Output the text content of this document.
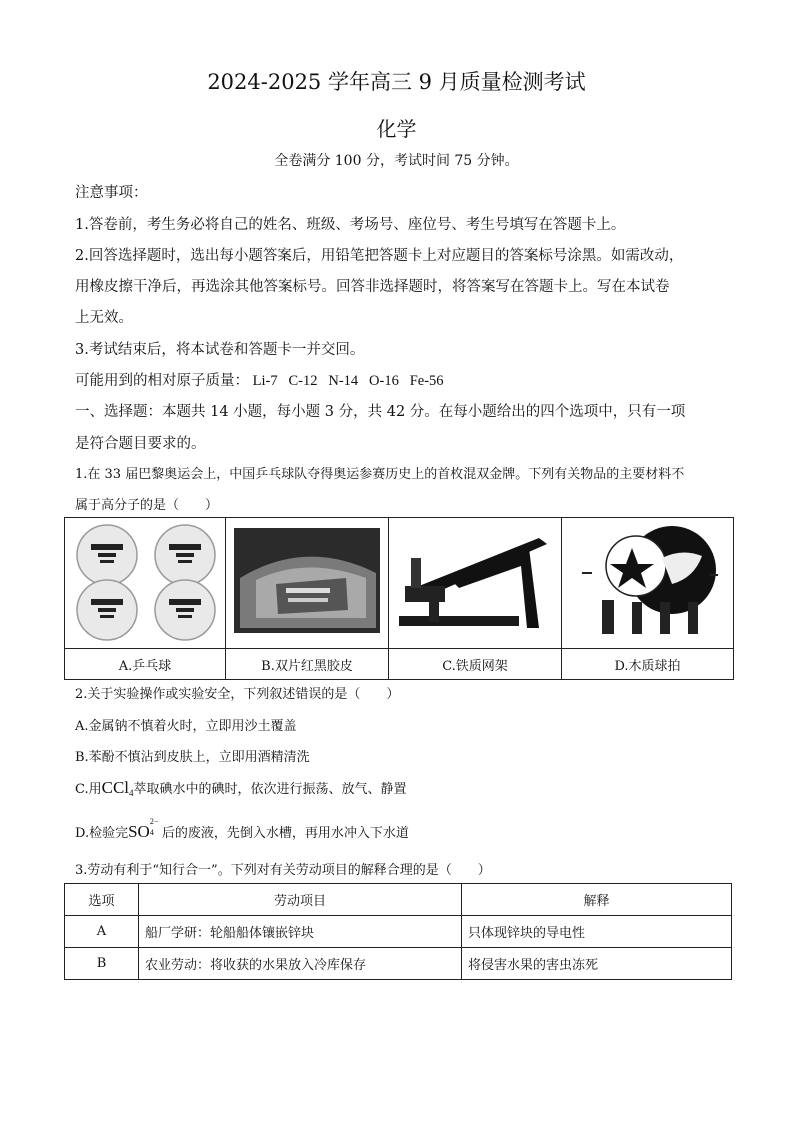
2024-2025 学年高三 9 月质量检测考试
化学
全卷满分 100 分，考试时间 75 分钟。
注意事项：
1.答卷前，考生务必将自己的姓名、班级、考场号、座位号、考生号填写在答题卡上。
2.回答选择题时，选出每小题答案后，用铅笔把答题卡上对应题目的答案标号涂黑。如需改动，
用橡皮擦干净后，再选涂其他答案标号。回答非选择题时，将答案写在答题卡上。写在本试卷
上无效。
3.考试结束后，将本试卷和答题卡一并交回。
可能用到的相对原子质量： Li-7 C-12 N-14 O-16 Fe-56
一、选择题：本题共 14 小题，每小题 3 分，共 42 分。在每小题给出的四个选项中，只有一项
是符合题目要求的。
1.在 33 届巴黎奥运会上，中国乒乓球队夺得奥运参赛历史上的首枚混双金牌。下列有关物品的主要材料不
属于高分子的是（　　）

A.乒乓球	B.双片红黑胶皮	C.铁质网架	D.木质球拍
2.关于实验操作或实验安全，下列叙述错误的是（　　）
A.金属钠不慎着火时，立即用沙土覆盖
B.苯酚不慎沾到皮肤上，立即用酒精清洗
C.用CCl$_4$萃取碘水中的碘时，依次进行振荡、放气、静置
D.检验完SO
2−
4 后的废液，先倒入水槽，再用水冲入下水道
3.劳动有利于“知行合一”。下列对有关劳动项目的解释合理的是（　　）
选项	劳动项目	解释
A	船厂学研：轮船船体镶嵌锌块	只体现锌块的导电性
B	农业劳动：将收获的水果放入冷库保存	将侵害水果的害虫冻死
